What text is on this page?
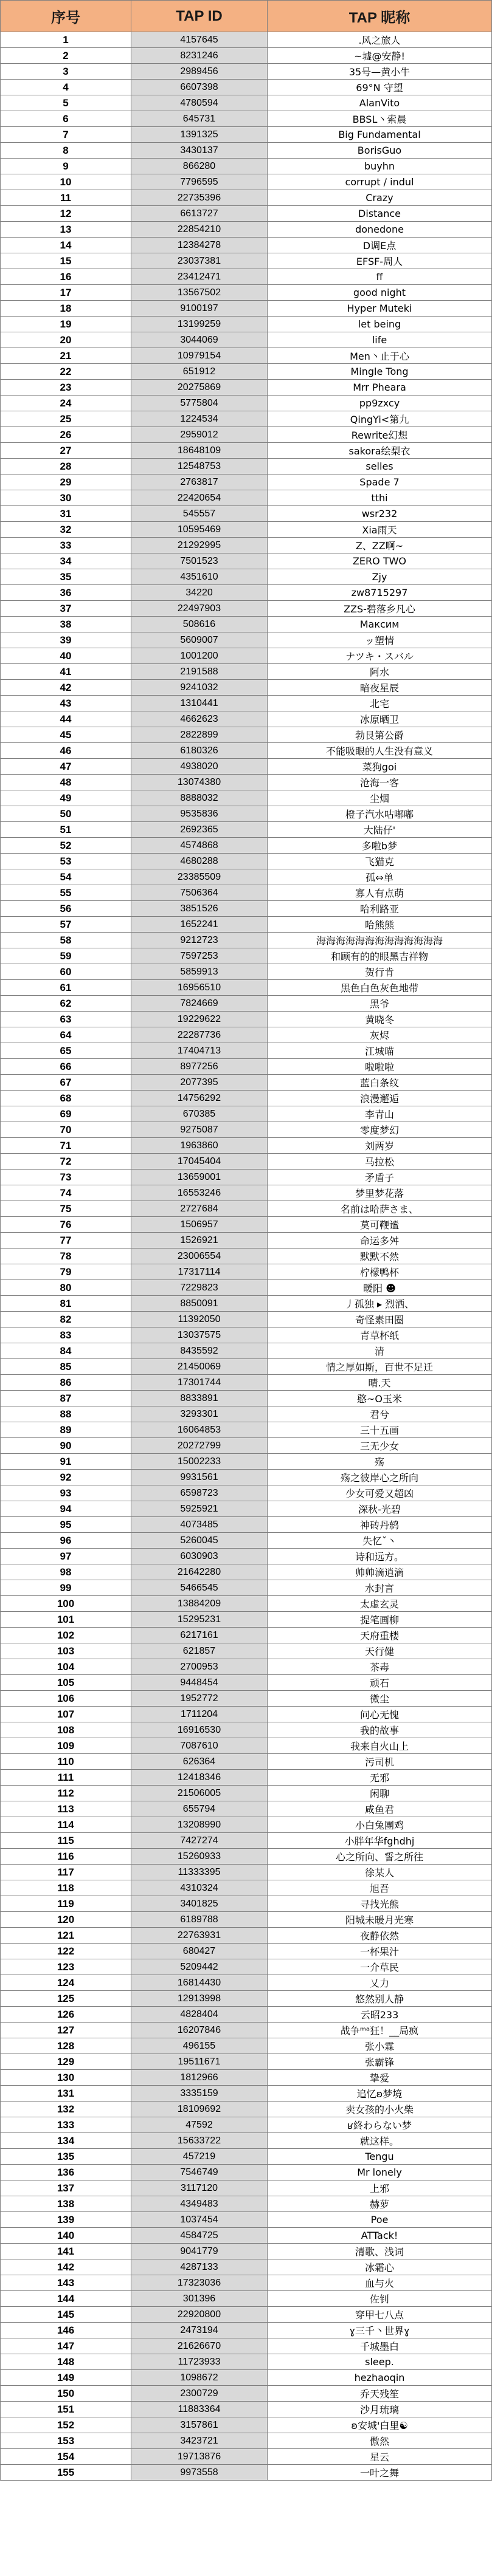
序号	TAP ID	TAP 昵称
1	4157645	.风之旅人
2	8231246	~墟@安静!
3	2989456	35号—黄小牛
4	6607398	69°N 守望
5	4780594	AlanVito
6	645731	BBSL丶索晨
7	1391325	Big Fundamental
8	3430137	BorisGuo
9	866280	buyhn
10	7796595	corrupt / indul
11	22735396	Crazy
12	6613727	Distance
13	22854210	donedone
14	12384278	D调E点
15	23037381	EFSF-周人
16	23412471	ff
17	13567502	good night
18	9100197	Hyper Muteki
19	13199259	let being
20	3044069	life
21	10979154	Men丶止于心
22	651912	Mingle Tong
23	20275869	Mrr Pheara
24	5775804	pp9zxcy
25	1224534	QingYi<第九
26	2959012	Rewrite幻想
27	18648109	sakora绘梨衣
28	12548753	selles
29	2763817	Spade 7
30	22420654	tthi
31	545557	wsr232
32	10595469	Xia雨天
33	21292995	Z、ZZ啊~
34	7501523	ZERO TWO
35	4351610	Zjy
36	34220	zw8715297
37	22497903	ZZS-碧落乡凡心
38	508616	Максим
39	5609007	ッ塑情
40	1001200	ナツキ・スバル
41	2191588	阿水
42	9241032	暗夜星辰
43	1310441	北宅
44	4662623	冰原晒卫
45	2822899	勃艮第公爵
46	6180326	不能吸眼的人生没有意义
47	4938020	菜狗goi
48	13074380	沧海一客
49	8888032	尘烟
50	9535836	橙子汽水咕嘟嘟
51	2692365	大陆仔'
52	4574868	多啦b梦
53	4680288	飞猫克
54	23385509	孤⇔单
55	7506364	寡人有点萌
56	3851526	哈利路亚
57	1652241	哈熊熊
58	9212723	海海海海海海海海海海海海海
59	7597253	和顾有的的眼黑吉祥物
60	5859913	贺行肯
61	16956510	黑色白色灰色地带
62	7824669	黑爷
63	19229622	黄晓冬
64	22287736	灰烬
65	17404713	江城喵
66	8977256	啦啦啦
67	2077395	蓝白条纹
68	14756292	浪漫邂逅
69	670385	李青山
70	9275087	零度梦幻
71	1963860	刘两岁
72	17045404	马拉松
73	13659001	矛盾子
74	16553246	梦里梦花落
75	2727684	名前は哈萨さま、
76	1506957	莫可鞭谧
77	1526921	命运多舛
78	23006554	默默不然
79	17317114	柠檬鸭杯
80	7229823	暖阳 ☻
81	8850091	丿孤独 ▸ 烈洒、
82	11392050	奇怪素田圈
83	13037575	青草杯纸
84	8435592	清
85	21450069	情之厚如斯，百世不足迁
86	17301744	晴.天
87	8833891	憨~O玉米
88	3293301	君兮
89	16064853	三十五画
90	20272799	三无少女
91	15002233	殇
92	9931561	殇之彼岸心之所向
93	6598723	少女可爱又超凶
94	5925921	深秋-光碧
95	4073485	神砖丹鸫
96	5260045	失忆ˇ丶
97	6030903	诗和远方。
98	21642280	帅帅滴逍滴
99	5466545	水封言
100	13884209	太虚玄灵
101	15295231	提笔画柳
102	6217161	天府重楼
103	621857	天行健
104	2700953	茶毒
105	9448454	顽石
106	1952772	微尘
107	1711204	问心无愧
108	16916530	我的故事
109	7087610	我来自火山上
110	626364	污司机
111	12418346	无邪
112	21506005	闲聊
113	655794	咸鱼君
114	13208990	小白兔團鸡
115	7427274	小胖年华fghdhj
116	15260933	心之所向、誓之所往
117	11333395	徐某人
118	4310324	旭吾
119	3401825	寻找光熊
120	6189788	阳城未暖月光寒
121	22763931	夜静依然
122	680427	一杯果汁
123	5209442	一介草民
124	16814430	乂力
125	12913998	悠然别人静
126	4828404	云昭233
127	16207846	战争ᵐᵃ狂！__局疯
128	496155	张小霖
129	19511671	张霸锋
130	1812966	挚爱
131	3335159	追忆ʚ梦境
132	18109692	卖女孩的小火柴
133	47592	ʁ終わらない梦
134	15633722	就这样。
135	457219	Tengu
136	7546749	Mr lonely
137	3117120	上邪
138	4349483	赫萝
139	1037454	Poe
140	4584725	ATTack!
141	9041779	清歌、浅词
142	4287133	冰霜心
143	17323036	血与火
144	301396	佐钊
145	22920800	穿甲七八点
146	2473194	ɣ三千丶世界ɣ
147	21626670	千城墨白
148	11723933	sleep.
149	1098672	hezhaoqin
150	2300729	乔天残笙
151	11883364	沙月琉璃
152	3157861	ʚ安城'白里☯
153	3423721	傲然
154	19713876	星云
155	9973558	一叶之舞
